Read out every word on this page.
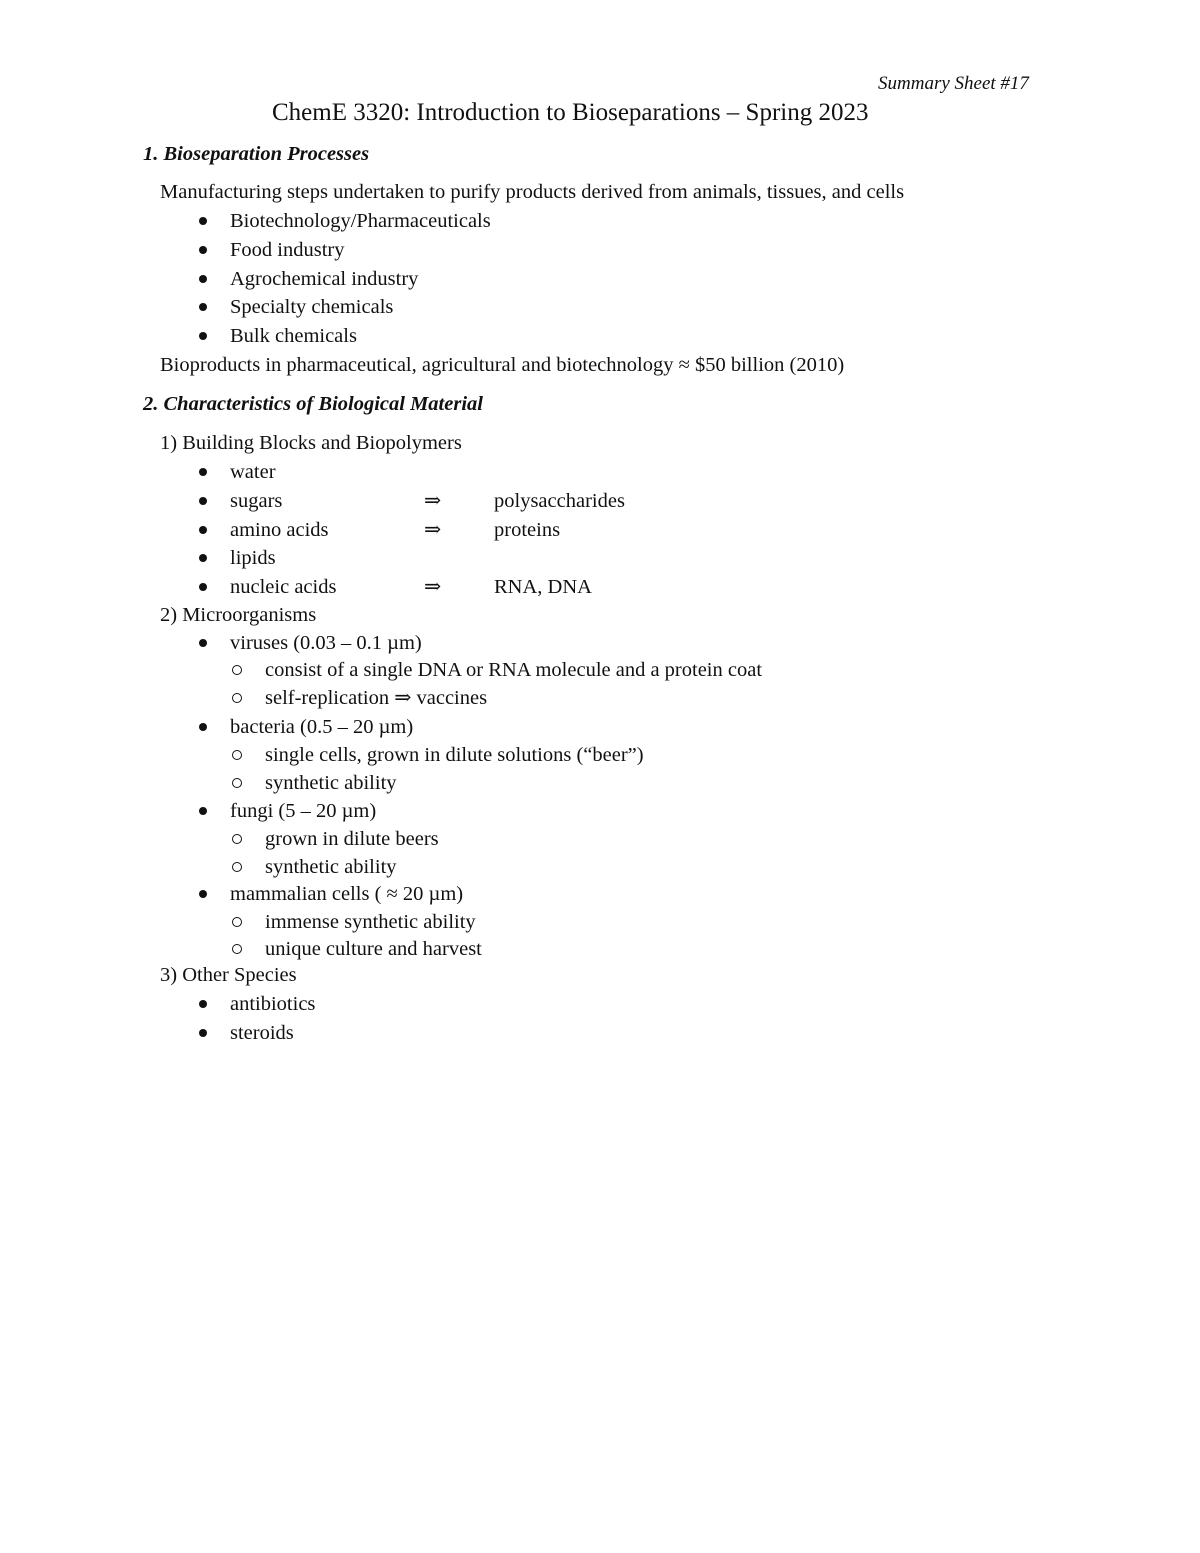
Summary Sheet #17
ChemE 3320: Introduction to Bioseparations – Spring 2023
1. Bioseparation Processes
Manufacturing steps undertaken to purify products derived from animals, tissues, and cells
Biotechnology/Pharmaceuticals
Food industry
Agrochemical industry
Specialty chemicals
Bulk chemicals
Bioproducts in pharmaceutical, agricultural and biotechnology ≈ $50 billion (2010)
2. Characteristics of Biological Material
1) Building Blocks and Biopolymers
water
sugars	⇒	polysaccharides
amino acids	⇒	proteins
lipids
nucleic acids	⇒	RNA, DNA
2) Microorganisms
viruses (0.03 – 0.1 µm)
consist of a single DNA or RNA molecule and a protein coat
self-replication ⇒ vaccines
bacteria (0.5 – 20 µm)
single cells, grown in dilute solutions (“beer”)
synthetic ability
fungi (5 – 20 µm)
grown in dilute beers
synthetic ability
mammalian cells ( ≈ 20 µm)
immense synthetic ability
unique culture and harvest
3) Other Species
antibiotics
steroids
